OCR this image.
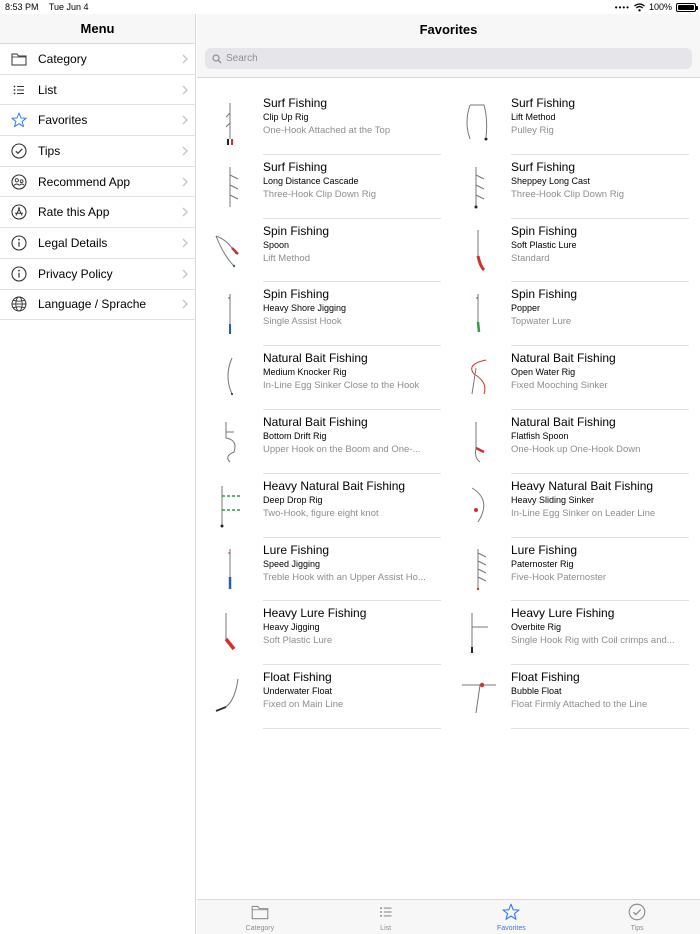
8:53 PM Tue Jun 4	•••• 100%
Menu
Category
List
Favorites
Tips
Recommend App
Rate this App
Legal Details
Privacy Policy
Language / Sprache
Favorites
Search
Surf Fishing
Clip Up Rig
One-Hook Attached at the Top
Surf Fishing
Lift Method
Pulley Rig
Surf Fishing
Long Distance Cascade
Three-Hook Clip Down Rig
Surf Fishing
Sheppey Long Cast
Three-Hook Clip Down Rig
Spin Fishing
Spoon
Lift Method
Spin Fishing
Soft Plastic Lure
Standard
Spin Fishing
Heavy Shore Jigging
Single Assist Hook
Spin Fishing
Popper
Topwater Lure
Natural Bait Fishing
Medium Knocker Rig
In-Line Egg Sinker Close to the Hook
Natural Bait Fishing
Open Water Rig
Fixed Mooching Sinker
Natural Bait Fishing
Bottom Drift Rig
Upper Hook on the Boom and One-...
Natural Bait Fishing
Flatfish Spoon
One-Hook up One-Hook Down
Heavy Natural Bait Fishing
Deep Drop Rig
Two-Hook, figure eight knot
Heavy Natural Bait Fishing
Heavy Sliding Sinker
In-Line Egg Sinker on Leader Line
Lure Fishing
Speed Jigging
Treble Hook with an Upper Assist Ho...
Lure Fishing
Paternoster Rig
Five-Hook Paternoster
Heavy Lure Fishing
Heavy Jigging
Soft Plastic Lure
Heavy Lure Fishing
Overbite Rig
Single Hook Rig with Coil crimps and...
Float Fishing
Underwater Float
Fixed on Main Line
Float Fishing
Bubble Float
Float Firmly Attached to the Line
Category	List	Favorites	Tips
